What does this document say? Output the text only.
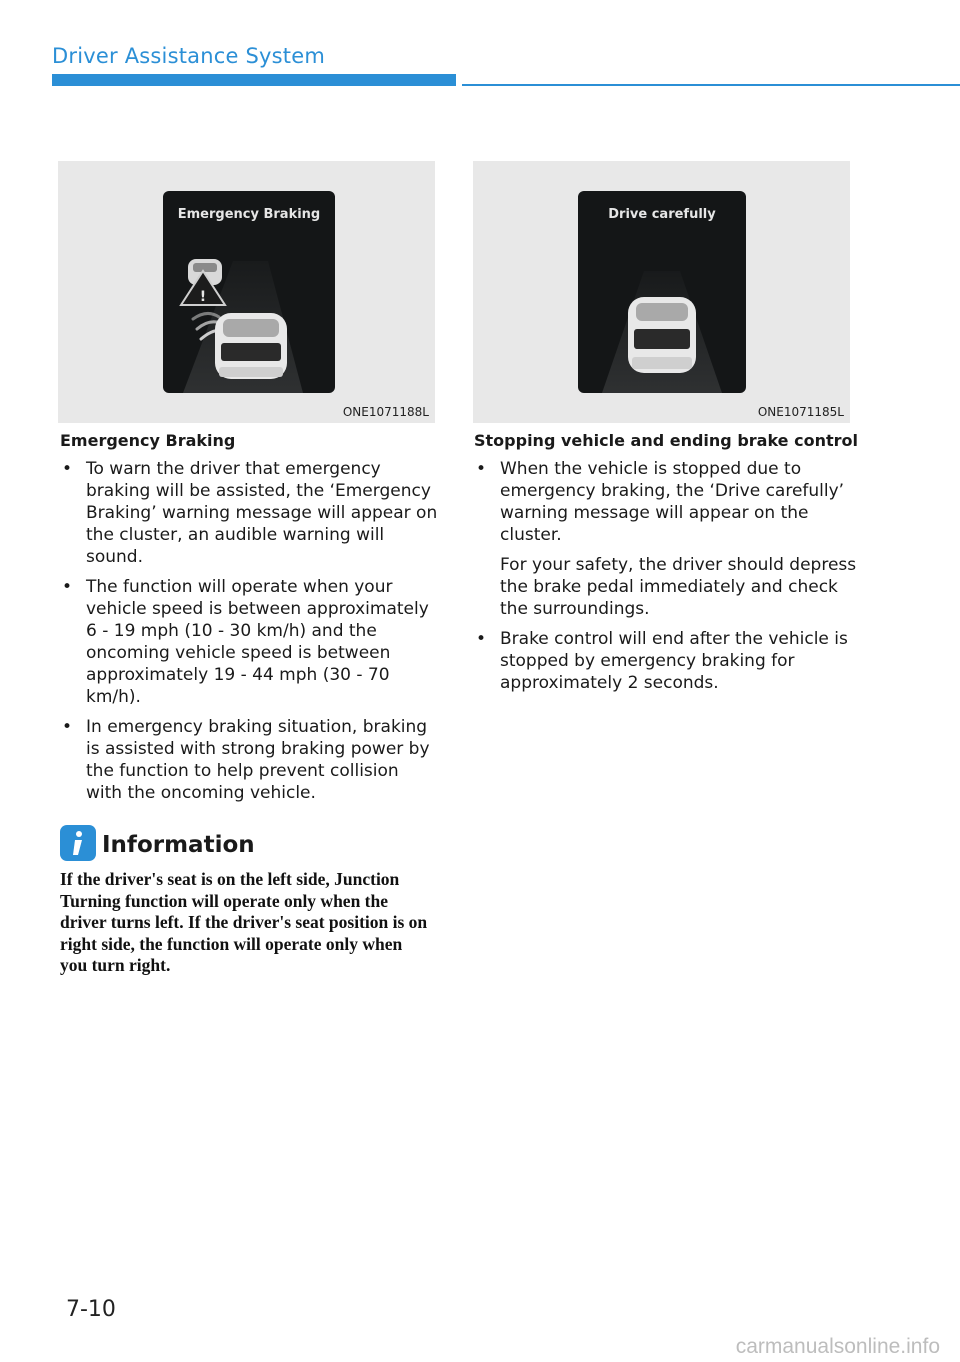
Driver Assistance System
!
Emergency Braking
ONE1071188L
Drive carefully
ONE1071185L
Emergency Braking
• To warn the driver that emergency braking will be assisted, the ‘Emergency Braking’ warning message will appear on the cluster, an audible warning will sound.
• The function will operate when your vehicle speed is between approximately 6 - 19 mph (10 - 30 km/h) and the oncoming vehicle speed is between approximately 19 - 44 mph (30 - 70 km/h).
• In emergency braking situation, braking is assisted with strong braking power by the function to help prevent collision with the oncoming vehicle.
Stopping vehicle and ending brake control
• When the vehicle is stopped due to emergency braking, the ‘Drive carefully’ warning message will appear on the cluster.
For your safety, the driver should depress the brake pedal immediately and check the surroundings.
• Brake control will end after the vehicle is stopped by emergency braking for approximately 2 seconds.
Information
If the driver's seat is on the left side, Junction Turning function will operate only when the driver turns left. If the driver's seat position is on right side, the function will operate only when you turn right.
7-10
carmanualsonline.info
